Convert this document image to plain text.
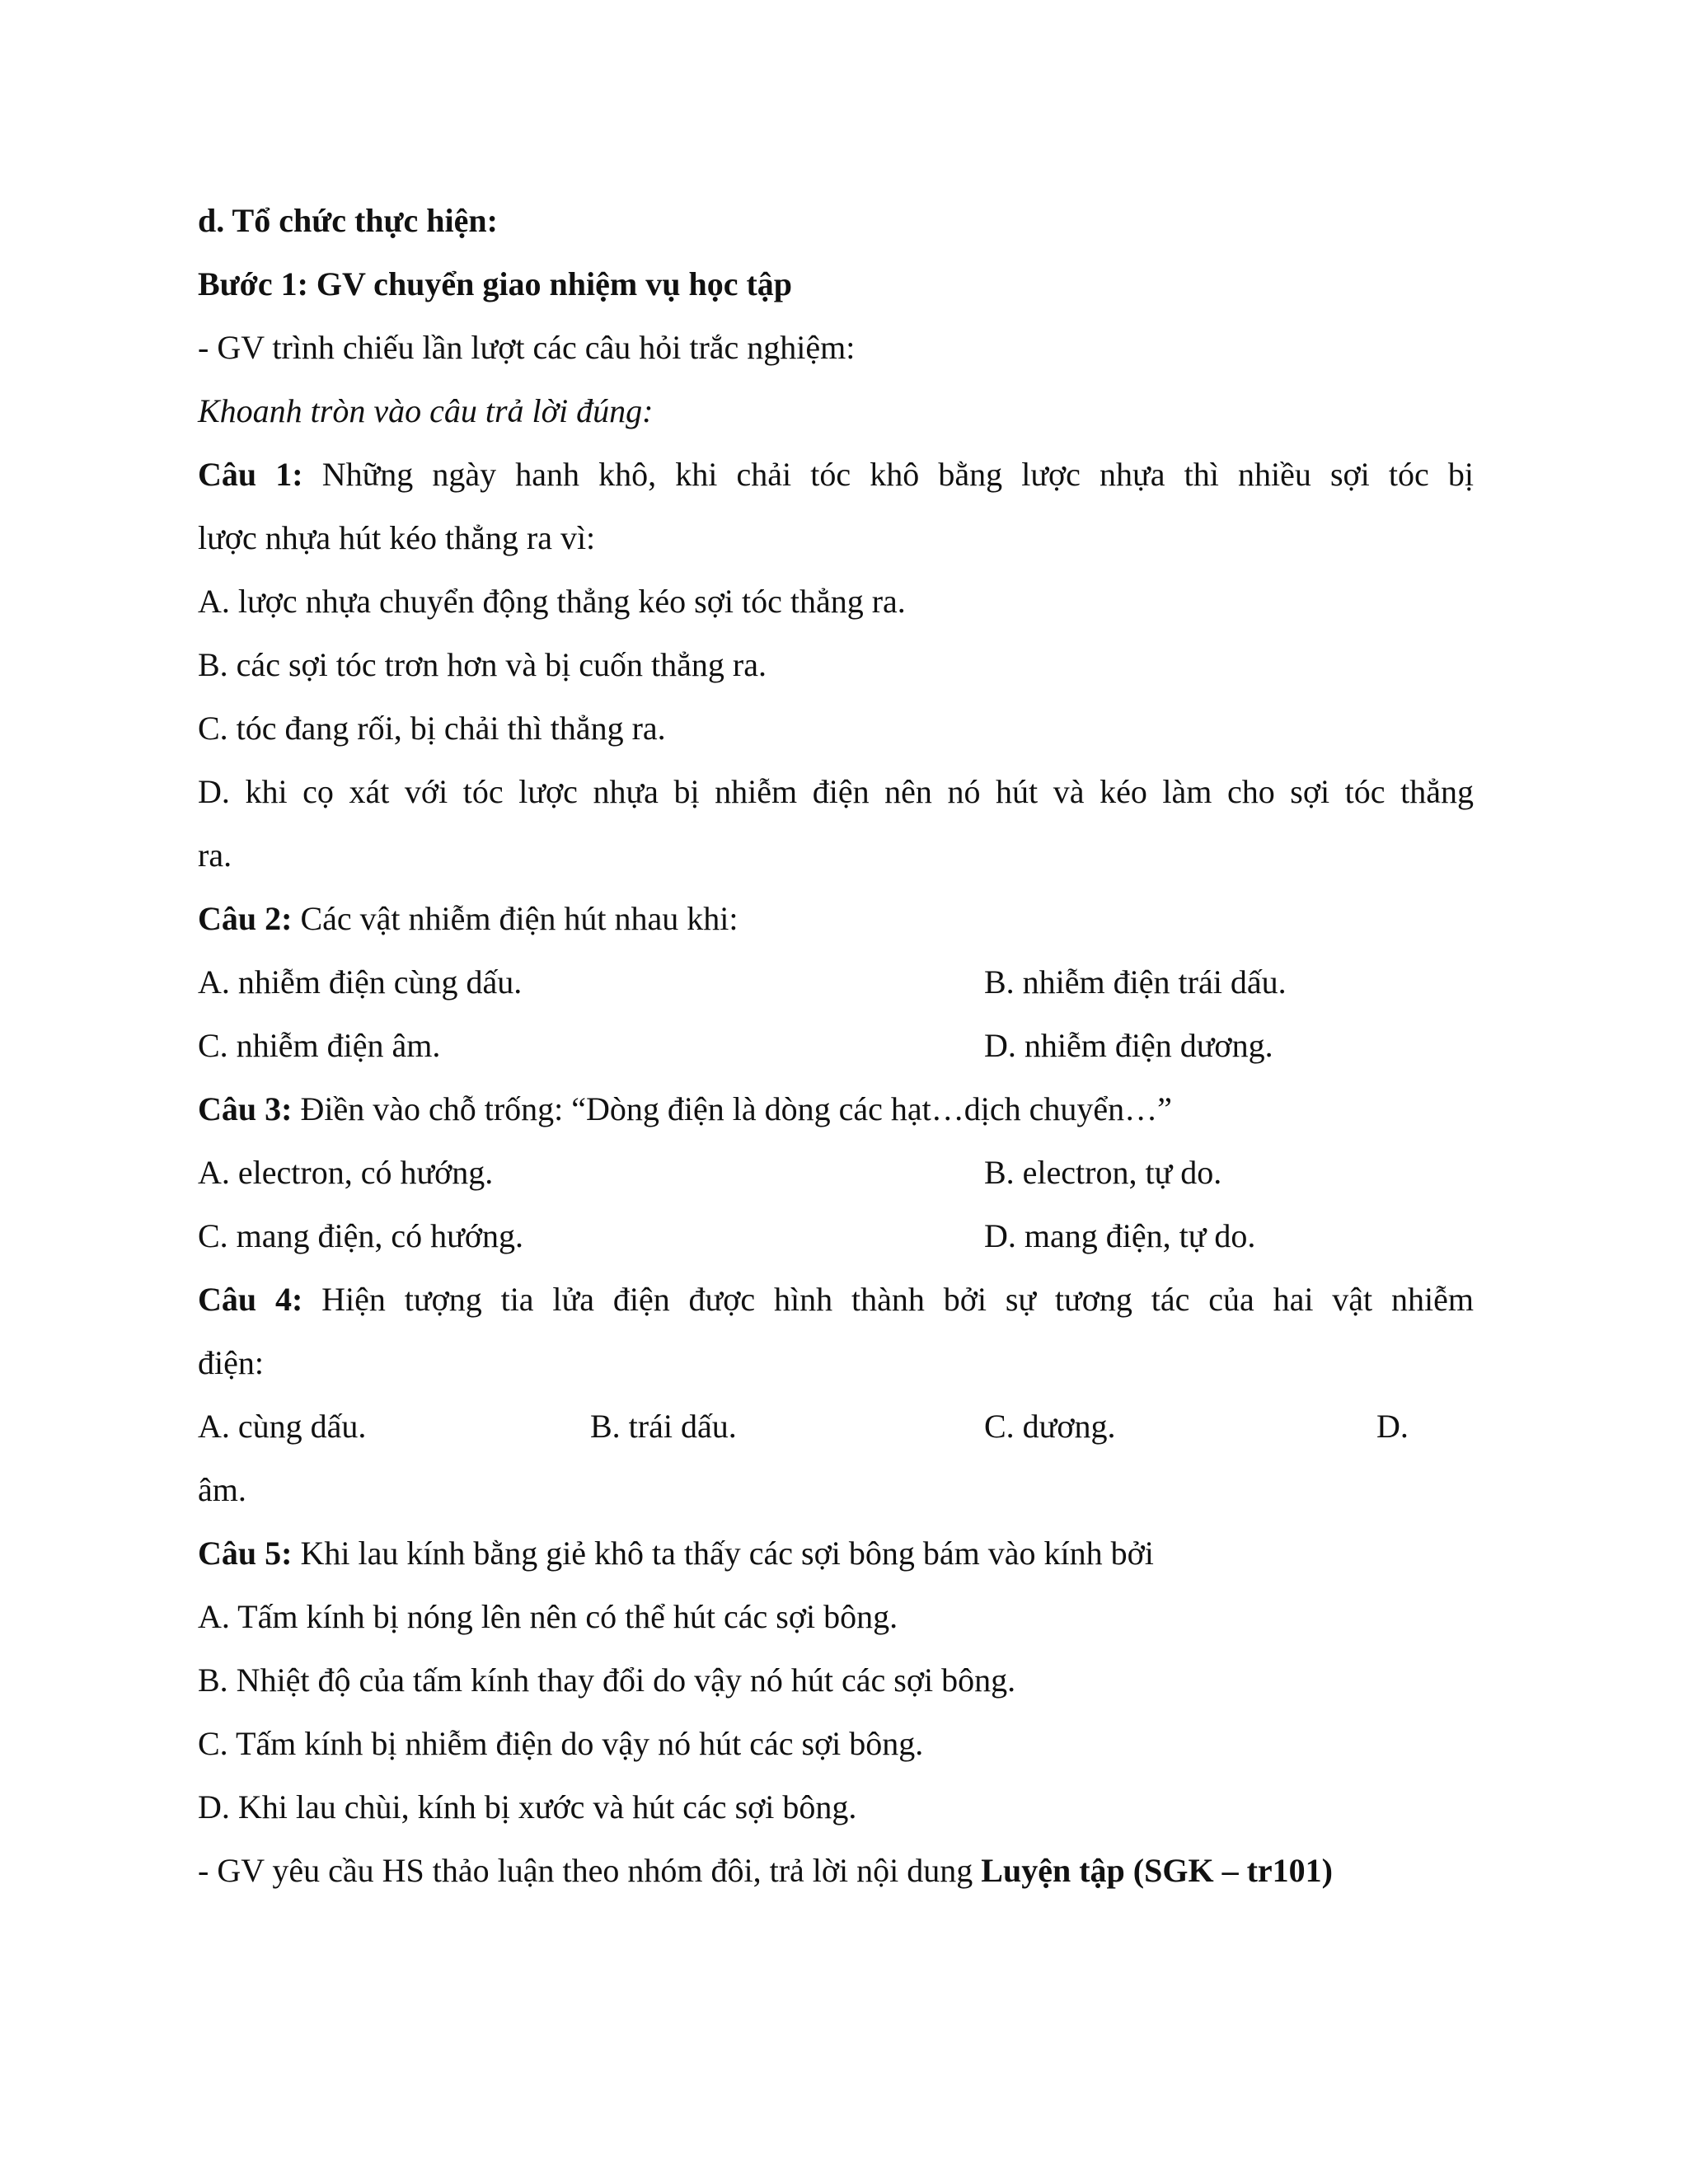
d. Tổ chức thực hiện:
Bước 1: GV chuyển giao nhiệm vụ học tập
- GV trình chiếu lần lượt các câu hỏi trắc nghiệm:
Khoanh tròn vào câu trả lời đúng:
Câu 1: Những ngày hanh khô, khi chải tóc khô bằng lược nhựa thì nhiều sợi tóc bị
lược nhựa hút kéo thẳng ra vì:
A. lược nhựa chuyển động thẳng kéo sợi tóc thẳng ra.
B. các sợi tóc trơn hơn và bị cuốn thẳng ra.
C. tóc đang rối, bị chải thì thẳng ra.
D. khi cọ xát với tóc lược nhựa bị nhiễm điện nên nó hút và kéo làm cho sợi tóc thẳng
ra.
Câu 2: Các vật nhiễm điện hút nhau khi:
A. nhiễm điện cùng dấu.	B. nhiễm điện trái dấu.
C. nhiễm điện âm.	D. nhiễm điện dương.
Câu 3: Điền vào chỗ trống: “Dòng điện là dòng các hạt…dịch chuyển…”
A. electron, có hướng.	B. electron, tự do.
C. mang điện, có hướng.	D. mang điện, tự do.
Câu 4: Hiện tượng tia lửa điện được hình thành bởi sự tương tác của hai vật nhiễm
điện:
A. cùng dấu.	B. trái dấu.	C. dương.	D.
âm.
Câu 5: Khi lau kính bằng giẻ khô ta thấy các sợi bông bám vào kính bởi
A. Tấm kính bị nóng lên nên có thể hút các sợi bông.
B. Nhiệt độ của tấm kính thay đổi do vậy nó hút các sợi bông.
C. Tấm kính bị nhiễm điện do vậy nó hút các sợi bông.
D. Khi lau chùi, kính bị xước và hút các sợi bông.
- GV yêu cầu HS thảo luận theo nhóm đôi, trả lời nội dung Luyện tập (SGK – tr101)
